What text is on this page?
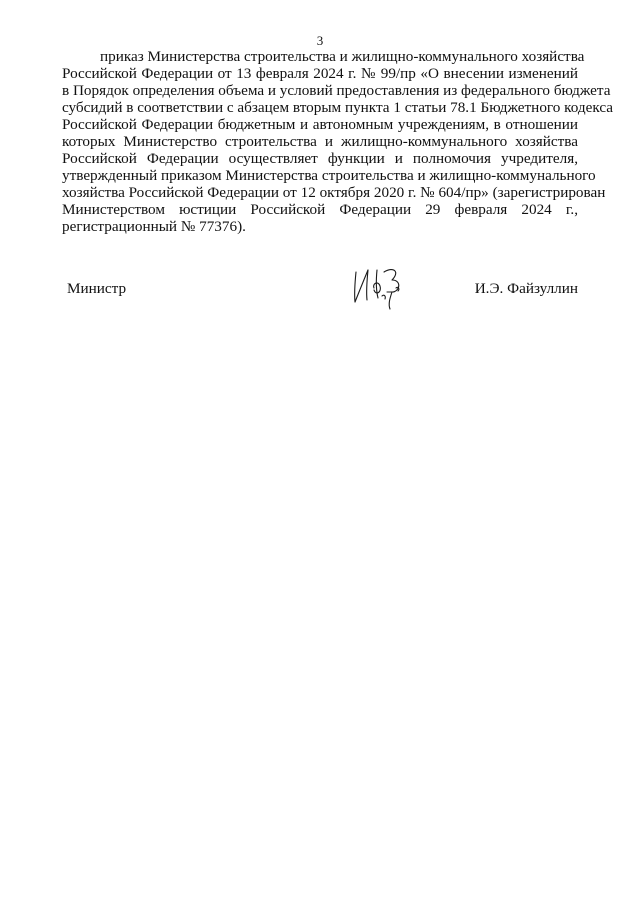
3
приказ Министерства строительства и жилищно-коммунального хозяйства
Российской Федерации от 13 февраля 2024 г. № 99/пр «О внесении изменений
в Порядок определения объема и условий предоставления из федерального бюджета
субсидий в соответствии с абзацем вторым пункта 1 статьи 78.1 Бюджетного кодекса
Российской Федерации бюджетным и автономным учреждениям, в отношении
которых Министерство строительства и жилищно-коммунального хозяйства
Российской Федерации осуществляет функции и полномочия учредителя,
утвержденный приказом Министерства строительства и жилищно-коммунального
хозяйства Российской Федерации от 12 октября 2020 г. № 604/пр» (зарегистрирован
Министерством юстиции Российской Федерации 29 февраля 2024 г.,
регистрационный № 77376).
Министр	И.Э. Файзуллин
